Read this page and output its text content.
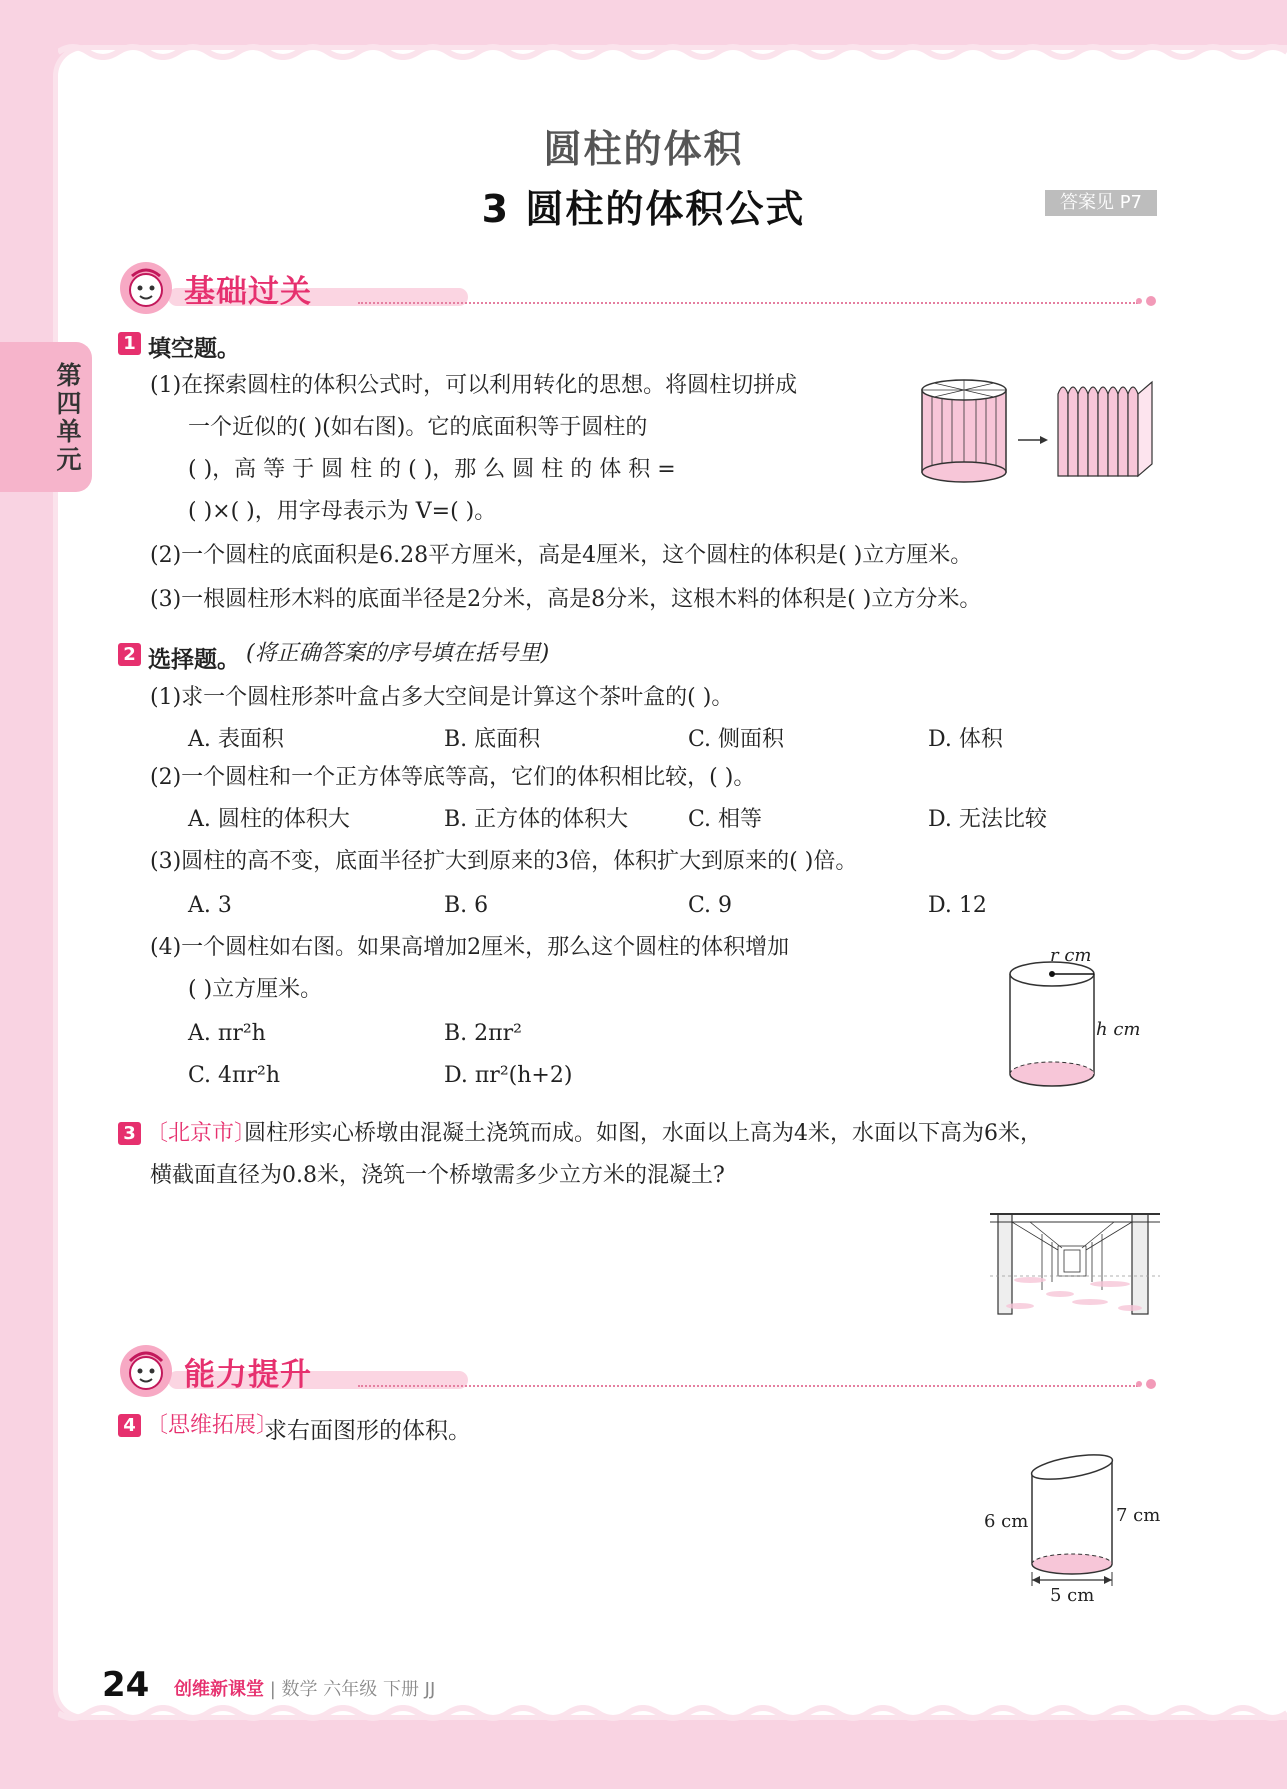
圆柱的体积
3 圆柱的体积公式	答案见 P7
第四单元
基础过关
1 填空题。
(1)在探索圆柱的体积公式时，可以利用转化的思想。将圆柱切拼成
一个近似的( )(如右图)。它的底面积等于圆柱的
( )，高 等 于 圆 柱 的 ( )，那 么 圆 柱 的 体 积 =
( )×( )，用字母表示为 V=( )。
(2)一个圆柱的底面积是6.28平方厘米，高是4厘米，这个圆柱的体积是( )立方厘米。
(3)一根圆柱形木料的底面半径是2分米，高是8分米，这根木料的体积是( )立方分米。
2 选择题。 (将正确答案的序号填在括号里)
(1)求一个圆柱形茶叶盒占多大空间是计算这个茶叶盒的( )。
A. 表面积	B. 底面积	C. 侧面积	D. 体积
(2)一个圆柱和一个正方体等底等高，它们的体积相比较，( )。
A. 圆柱的体积大	B. 正方体的体积大	C. 相等	D. 无法比较
(3)圆柱的高不变，底面半径扩大到原来的3倍，体积扩大到原来的( )倍。
A. 3	B. 6	C. 9	D. 12
(4)一个圆柱如右图。如果高增加2厘米，那么这个圆柱的体积增加
( )立方厘米。
A. πr²h	B. 2πr²
C. 4πr²h	D. πr²(h+2)
r cm
h cm
3 〔北京市〕
圆柱形实心桥墩由混凝土浇筑而成。如图，水面以上高为4米，水面以下高为6米，
横截面直径为0.8米，浇筑一个桥墩需多少立方米的混凝土?
能力提升
4 〔思维拓展〕
求右面图形的体积。
6 cm	7 cm
5 cm
24 创维新课堂 | 数学 六年级 下册 JJ
